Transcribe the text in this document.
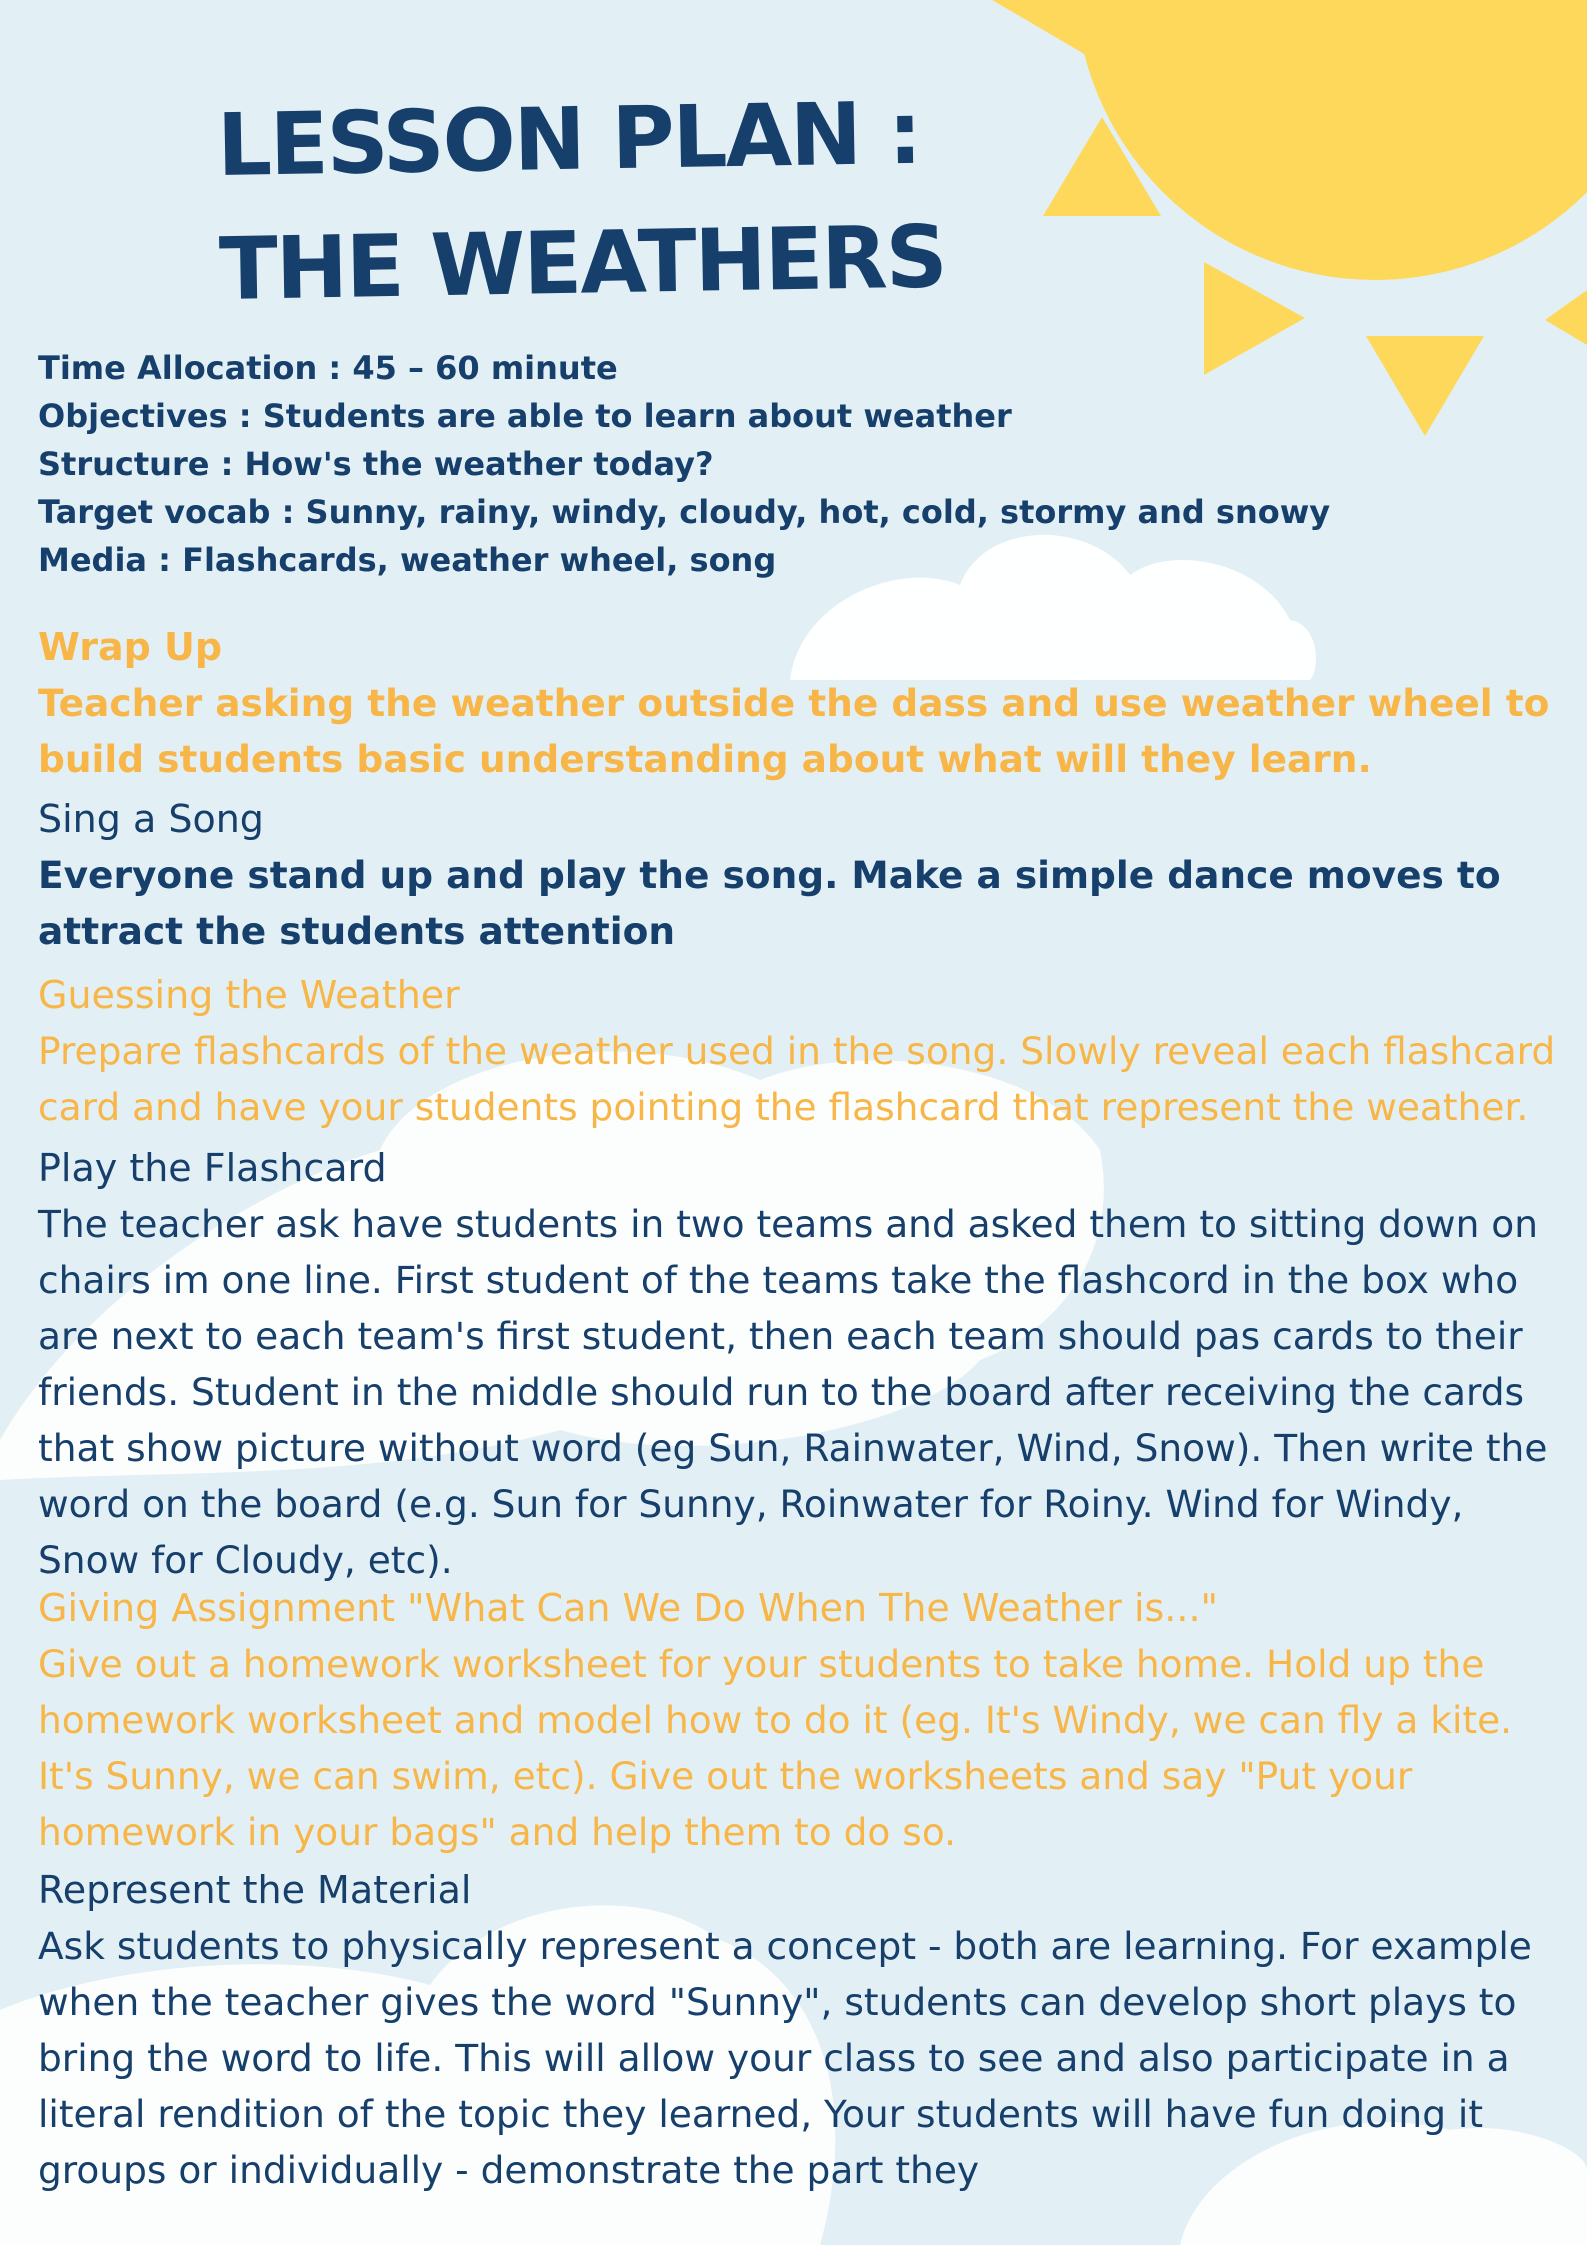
LESSON PLAN :
THE WEATHERS
Time Allocation : 45 – 60 minute
Objectives : Students are able to learn about weather
Structure : How's the weather today?
Target vocab : Sunny, rainy, windy, cloudy, hot, cold, stormy and snowy
Media : Flashcards, weather wheel, song
Wrap Up
Teacher asking the weather outside the dass and use weather wheel to build students basic understanding about what will they learn.
Sing a Song
Everyone stand up and play the song. Make a simple dance moves to attract the students attention
Guessing the Weather
Prepare flashcards of the weather used in the song. Slowly reveal each flashcard card and have your students pointing the flashcard that represent the weather.
Play the Flashcard
The teacher ask have students in two teams and asked them to sitting down on chairs im one line. First student of the teams take the flashcord in the box who are next to each team's first student, then each team should pas cards to their friends. Student in the middle should run to the board after receiving the cards that show picture without word (eg Sun, Rainwater, Wind, Snow). Then write the word on the board (e.g. Sun for Sunny, Roinwater for Roiny. Wind for Windy, Snow for Cloudy, etc).
Giving Assignment "What Can We Do When The Weather is..."
Give out a homework worksheet for your students to take home. Hold up the homework worksheet and model how to do it (eg. It's Windy, we can fly a kite. It's Sunny, we can swim, etc). Give out the worksheets and say "Put your homework in your bags" and help them to do so.
Represent the Material
Ask students to physically represent a concept - both are learning. For example when the teacher gives the word "Sunny", students can develop short plays to bring the word to life. This will allow your class to see and also participate in a literal rendition of the topic they learned, Your students will have fun doing it groups or individually - demonstrate the part they
